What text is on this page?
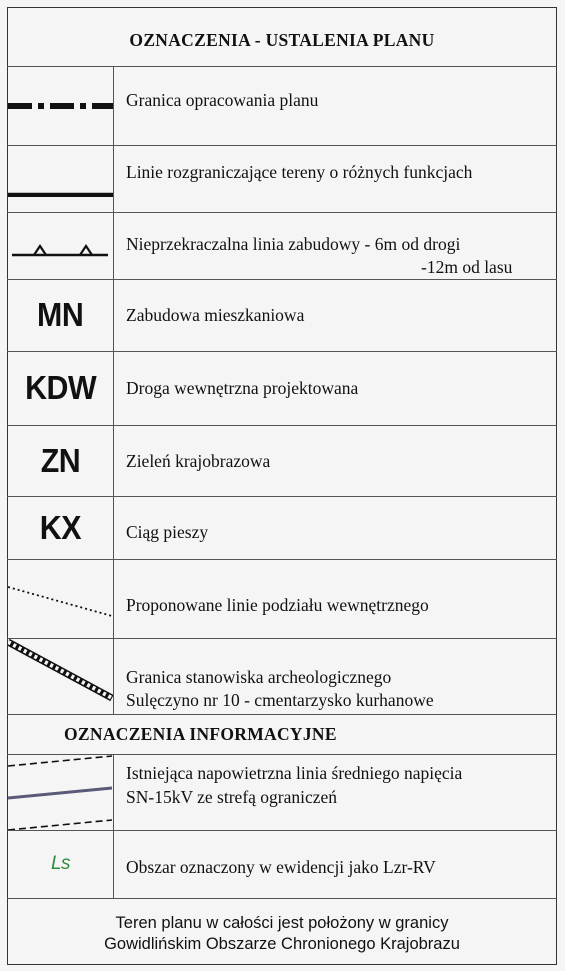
OZNACZENIA - USTALENIA PLANU
Granica opracowania planu
Linie rozgraniczające tereny o różnych funkcjach
Nieprzekraczalna linia zabudowy - 6m od drogi
-12m od lasu
MN Zabudowa mieszkaniowa
KDW Droga wewnętrzna projektowana
ZN	Zieleń krajobrazowa
KX	Ciąg pieszy
Proponowane linie podziału wewnętrznego
Granica stanowiska archeologicznego
Sulęczyno nr 10 - cmentarzysko kurhanowe
OZNACZENIA INFORMACYJNE
Istniejąca napowietrzna linia średniego napięcia
SN-15kV ze strefą ograniczeń
Ls	Obszar oznaczony w ewidencji jako Lzr-RV
Teren planu w całości jest położony w granicy
Gowidlińskim Obszarze Chronionego Krajobrazu
